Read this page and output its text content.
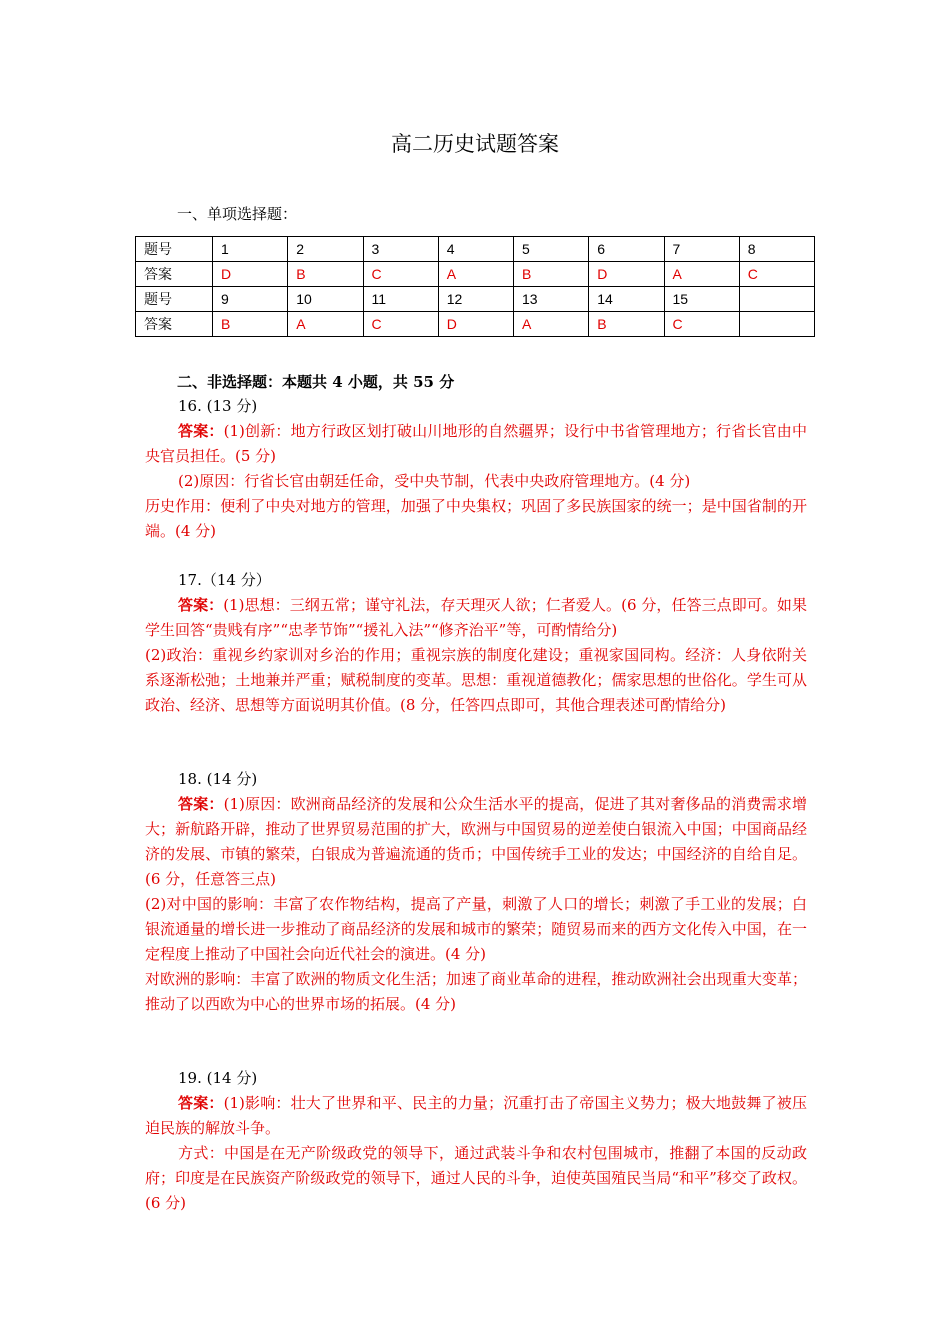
高二历史试题答案
一、单项选择题：
题号	1	2	3	4	5	6	7	8
答案	D	B	C	A	B	D	A	C
题号	9	10	11	12	13	14	15	
答案	B	A	C	D	A	B	C	
二、非选择题：本题共 4 小题，共 55 分

16. (13 分)

答案：(1)创新：地方行政区划打破山川地形的自然疆界；设行中书省管理地方；行省长官由中央官员担任。(5 分)

(2)原因：行省长官由朝廷任命，受中央节制，代表中央政府管理地方。(4 分)

历史作用：便利了中央对地方的管理，加强了中央集权；巩固了多民族国家的统一；是中国省制的开端。(4 分)

17.（14 分）

答案：(1)思想：三纲五常；谨守礼法，存天理灭人欲；仁者爱人。(6 分，任答三点即可。如果学生回答“贵贱有序”“忠孝节饰”“援礼入法”“修齐治平”等，可酌情给分)

(2)政治：重视乡约家训对乡治的作用；重视宗族的制度化建设；重视家国同构。经济：人身依附关系逐渐松弛；土地兼并严重；赋税制度的变革。思想：重视道德教化；儒家思想的世俗化。学生可从政治、经济、思想等方面说明其价值。(8 分，任答四点即可，其他合理表述可酌情给分)

18. (14 分)

答案：(1)原因：欧洲商品经济的发展和公众生活水平的提高，促进了其对奢侈品的消费需求增大；新航路开辟，推动了世界贸易范围的扩大，欧洲与中国贸易的逆差使白银流入中国；中国商品经济的发展、市镇的繁荣，白银成为普遍流通的货币；中国传统手工业的发达；中国经济的自给自足。(6 分，任意答三点)

(2)对中国的影响：丰富了农作物结构，提高了产量，刺激了人口的增长；刺激了手工业的发展；白银流通量的增长进一步推动了商品经济的发展和城市的繁荣；随贸易而来的西方文化传入中国，在一定程度上推动了中国社会向近代社会的演进。(4 分)

对欧洲的影响：丰富了欧洲的物质文化生活；加速了商业革命的进程，推动欧洲社会出现重大变革；推动了以西欧为中心的世界市场的拓展。(4 分)

19. (14 分)

答案：(1)影响：壮大了世界和平、民主的力量；沉重打击了帝国主义势力；极大地鼓舞了被压迫民族的解放斗争。

方式：中国是在无产阶级政党的领导下，通过武装斗争和农村包围城市，推翻了本国的反动政府；印度是在民族资产阶级政党的领导下，通过人民的斗争，迫使英国殖民当局“和平”移交了政权。(6 分)
